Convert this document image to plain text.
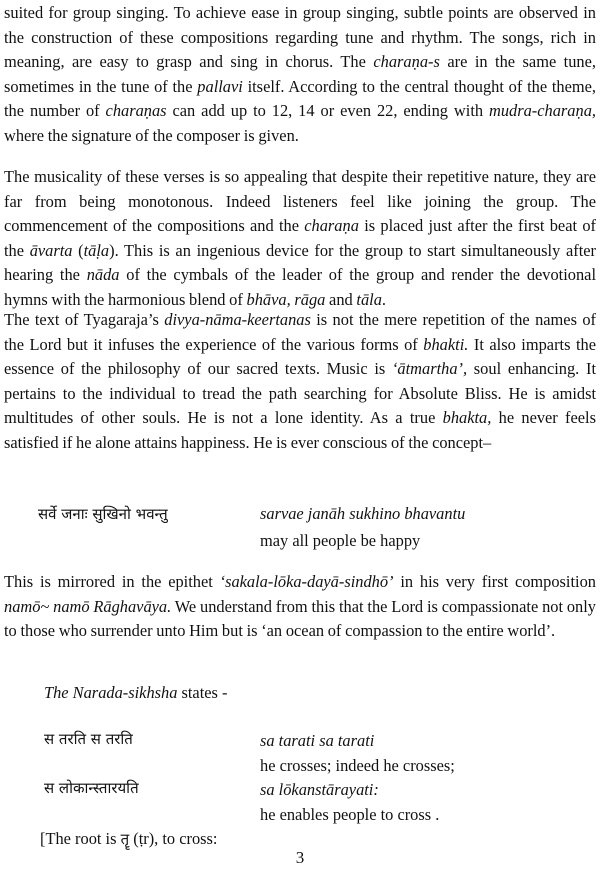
suited for group singing. To achieve ease in group singing, subtle points are observed in the construction of these compositions regarding tune and rhythm. The songs, rich in meaning, are easy to grasp and sing in chorus. The charaṇa-s are in the same tune, sometimes in the tune of the pallavi itself. According to the central thought of the theme, the number of charaṇas can add up to 12, 14 or even 22, ending with mudra-charaṇa, where the signature of the composer is given.

The musicality of these verses is so appealing that despite their repetitive nature, they are far from being monotonous. Indeed listeners feel like joining the group. The commencement of the compositions and the charaṇa is placed just after the first beat of the āvarta (tāḷa). This is an ingenious device for the group to start simultaneously after hearing the nāda of the cymbals of the leader of the group and render the devotional hymns with the harmonious blend of bhāva, rāga and tāla.

The text of Tyagaraja’s divya-nāma-keertanas is not the mere repetition of the names of the Lord but it infuses the experience of the various forms of bhakti. It also imparts the essence of the philosophy of our sacred texts. Music is ‘ātmartha’, soul enhancing. It pertains to the individual to tread the path searching for Absolute Bliss. He is amidst multitudes of other souls. He is not a lone identity. As a true bhakta, he never feels satisfied if he alone attains happiness. He is ever conscious of the concept–

सर्वे जनाः सुखिनो भवन्तु	sarvae janāh sukhino bhavantu
may all people be happy

This is mirrored in the epithet ‘sakala-lōka-dayā-sindhō’ in his very first composition namō~ namō Rāghavāya. We understand from this that the Lord is compassionate not only to those who surrender unto Him but is ‘an ocean of compassion to the entire world’.

The Narada-sikhsha states -
स तरति स तरति	sa tarati sa tarati
he crosses; indeed he crosses;
स लोकान्स्तारयति	sa lōkanstārayati:
he enables people to cross .
[The root is तॄ (ṭr), to cross:
3
